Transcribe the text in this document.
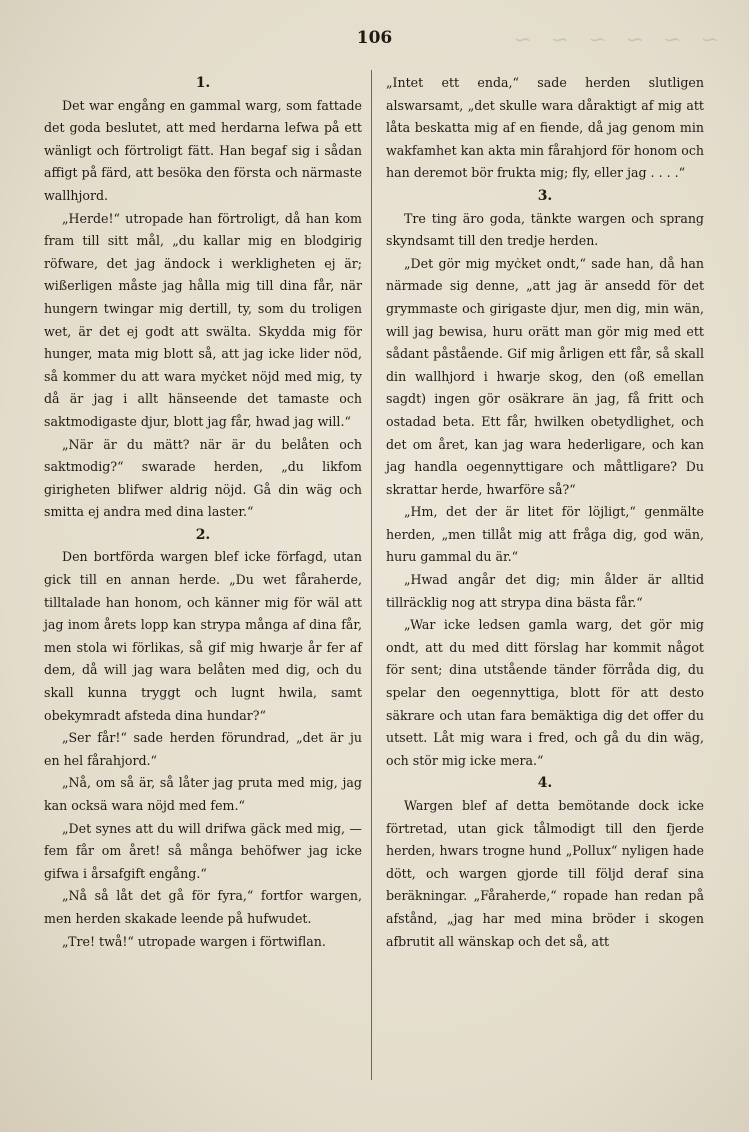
~ ~ ~ ~ ~ ~
106
1.

Det war engång en gammal warg, som fattade det goda beslutet, att med herdarna lefwa på ett wänligt och förtroligt fätt. Han begaf sig i sådan affigt på färd, att besöka den första och närmaste wallhjord.

„Herde!“ utropade han förtroligt, då han kom fram till sitt mål, „du kallar mig en blodgirig röfware, det jag ändock i werkligheten ej är; wißerligen måste jag hålla mig till dina får, när hungern twingar mig dertill, ty, som du troligen wet, är det ej godt att swälta. Skydda mig för hunger, mata mig blott så, att jag icke lider nöd, så kommer du att wara myċket nöjd med mig, ty då är jag i allt hänseende det tamaste och saktmodigaste djur, blott jag får, hwad jag will.“

„När är du mätt? när är du belåten och saktmodig?“ swarade herden, „du likfom girigheten blifwer aldrig nöjd. Gå din wäg och smitta ej andra med dina laster.“

2.

Den bortförda wargen blef icke förfagd, utan gick till en annan herde. „Du wet fåraherde, tilltalade han honom, och känner mig för wäl att jag inom årets lopp kan strypa många af dina får, men stola wi förlikas, så gif mig hwarje år fer af dem, då will jag wara belåten med dig, och du skall kunna tryggt och lugnt hwila, samt obekymradt afsteda dina hundar?“

„Ser får!“ sade herden förundrad, „det är ju en hel fårahjord.“

„Nå, om så är, så låter jag pruta med mig, jag kan ocksä wara nöjd med fem.“

„Det synes att du will drifwa gäck med mig, — fem får om året! så många behöfwer jag icke gifwa i årsafgift engång.“

„Nå så låt det gå för fyra,“ fortfor wargen, men herden skakade leende på hufwudet.

„Tre! twå!“ utropade wargen i förtwiflan.

„Intet ett enda,“ sade herden slutligen alswarsamt, „det skulle wara dåraktigt af mig att låta beskatta mig af en fiende, då jag genom min wakfamhet kan akta min fårahjord för honom och han deremot bör frukta mig; fly, eller jag . . . .“

3.

Tre ting äro goda, tänkte wargen och sprang skyndsamt till den tredje herden.

„Det gör mig myċket ondt,“ sade han, då han närmade sig denne, „att jag är ansedd för det grymmaste och girigaste djur, men dig, min wän, will jag bewisa, huru orätt man gör mig med ett sådant påstående. Gif mig årligen ett får, så skall din wallhjord i hwarje skog, den (oß emellan sagdt) ingen gör osäkrare än jag, få fritt och ostadad beta. Ett får, hwilken obetydlighet, och det om året, kan jag wara hederligare, och kan jag handla oegennyttigare och måttligare? Du skrattar herde, hwarföre så?“

„Hm, det der är litet för löjligt,“ genmälte herden, „men tillåt mig att fråga dig, god wän, huru gammal du är.“

„Hwad angår det dig; min ålder är alltid tillräcklig nog att strypa dina bästa får.“

„War icke ledsen gamla warg, det gör mig ondt, att du med ditt förslag har kommit något för sent; dina utstående tänder förråda dig, du spelar den oegennyttiga, blott för att desto säkrare och utan fara bemäktiga dig det offer du utsett. Låt mig wara i fred, och gå du din wäg, och stör mig icke mera.“

4.

Wargen blef af detta bemötande dock icke förtretad, utan gick tålmodigt till den fjerde herden, hwars trogne hund „Pollux“ nyligen hade dött, och wargen gjorde till följd deraf sina beräkningar. „Fåraherde,“ ropade han redan på afstånd, „jag har med mina bröder i skogen afbrutit all wänskap och det så, att
